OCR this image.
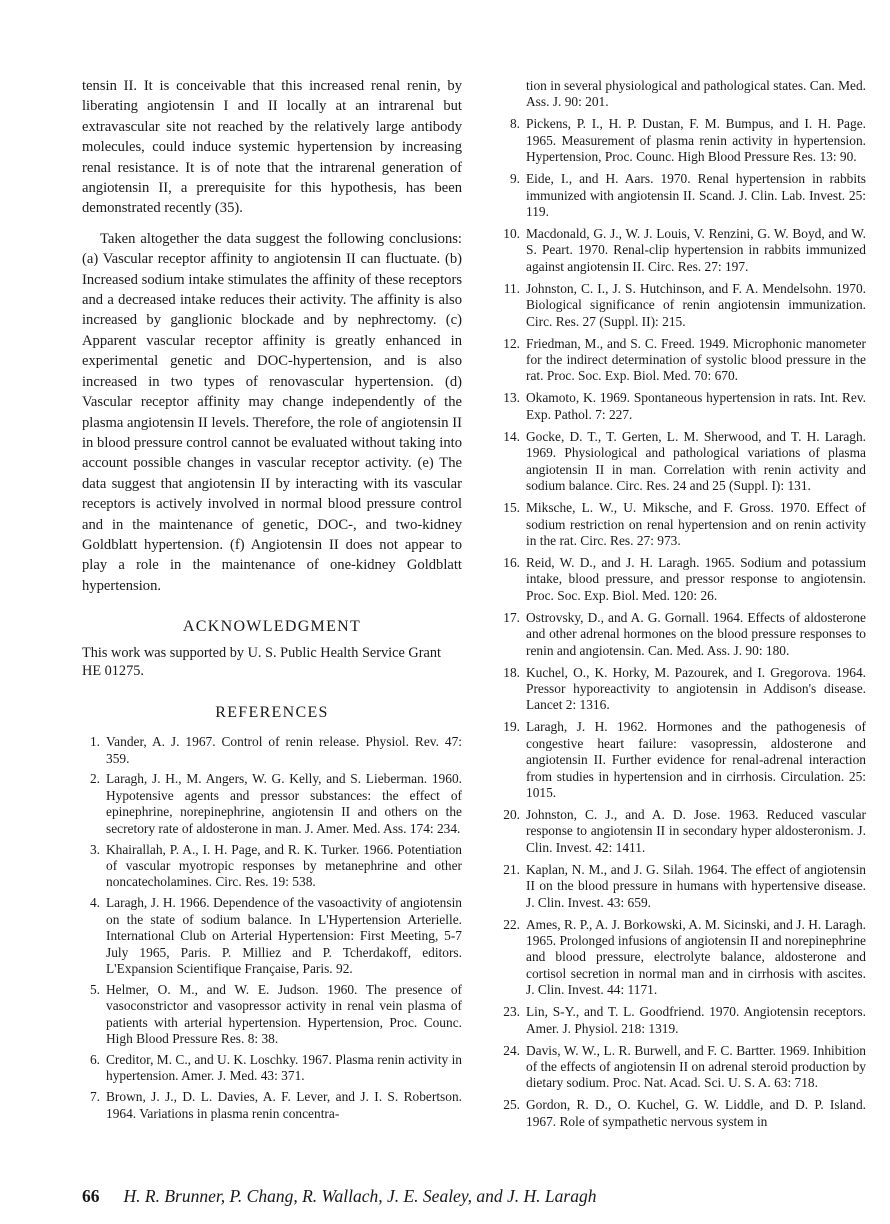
tensin II. It is conceivable that this increased renal renin, by liberating angiotensin I and II locally at an intrarenal but extravascular site not reached by the relatively large antibody molecules, could induce systemic hypertension by increasing renal resistance. It is of note that the intrarenal generation of angiotensin II, a prerequisite for this hypothesis, has been demonstrated recently (35).

Taken altogether the data suggest the following conclusions: (a) Vascular receptor affinity to angiotensin II can fluctuate. (b) Increased sodium intake stimulates the affinity of these receptors and a decreased intake reduces their activity. The affinity is also increased by ganglionic blockade and by nephrectomy. (c) Apparent vascular receptor affinity is greatly enhanced in experimental genetic and DOC-hypertension, and is also increased in two types of renovascular hypertension. (d) Vascular receptor affinity may change independently of the plasma angiotensin II levels. Therefore, the role of angiotensin II in blood pressure control cannot be evaluated without taking into account possible changes in vascular receptor activity. (e) The data suggest that angiotensin II by interacting with its vascular receptors is actively involved in normal blood pressure control and in the maintenance of genetic, DOC-, and two-kidney Goldblatt hypertension. (f) Angiotensin II does not appear to play a role in the maintenance of one-kidney Goldblatt hypertension.

ACKNOWLEDGMENT

This work was supported by U. S. Public Health Service Grant HE 01275.

REFERENCES
1. Vander, A. J. 1967. Control of renin release. Physiol. Rev. 47: 359.
2. Laragh, J. H., M. Angers, W. G. Kelly, and S. Lieberman. 1960. Hypotensive agents and pressor substances: the effect of epinephrine, norepinephrine, angiotensin II and others on the secretory rate of aldosterone in man. J. Amer. Med. Ass. 174: 234.
3. Khairallah, P. A., I. H. Page, and R. K. Turker. 1966. Potentiation of vascular myotropic responses by metanephrine and other noncatecholamines. Circ. Res. 19: 538.
4. Laragh, J. H. 1966. Dependence of the vasoactivity of angiotensin on the state of sodium balance. In L'Hypertension Arterielle. International Club on Arterial Hypertension: First Meeting, 5-7 July 1965, Paris. P. Milliez and P. Tcherdakoff, editors. L'Expansion Scientifique Française, Paris. 92.
5. Helmer, O. M., and W. E. Judson. 1960. The presence of vasoconstrictor and vasopressor activity in renal vein plasma of patients with arterial hypertension. Hypertension, Proc. Counc. High Blood Pressure Res. 8: 38.
6. Creditor, M. C., and U. K. Loschky. 1967. Plasma renin activity in hypertension. Amer. J. Med. 43: 371.
7. Brown, J. J., D. L. Davies, A. F. Lever, and J. I. S. Robertson. 1964. Variations in plasma renin concentra-
tion in several physiological and pathological states. Can. Med. Ass. J. 90: 201.
8. Pickens, P. I., H. P. Dustan, F. M. Bumpus, and I. H. Page. 1965. Measurement of plasma renin activity in hypertension. Hypertension, Proc. Counc. High Blood Pressure Res. 13: 90.
9. Eide, I., and H. Aars. 1970. Renal hypertension in rabbits immunized with angiotensin II. Scand. J. Clin. Lab. Invest. 25: 119.
10. Macdonald, G. J., W. J. Louis, V. Renzini, G. W. Boyd, and W. S. Peart. 1970. Renal-clip hypertension in rabbits immunized against angiotensin II. Circ. Res. 27: 197.
11. Johnston, C. I., J. S. Hutchinson, and F. A. Mendelsohn. 1970. Biological significance of renin angiotensin immunization. Circ. Res. 27 (Suppl. II): 215.
12. Friedman, M., and S. C. Freed. 1949. Microphonic manometer for the indirect determination of systolic blood pressure in the rat. Proc. Soc. Exp. Biol. Med. 70: 670.
13. Okamoto, K. 1969. Spontaneous hypertension in rats. Int. Rev. Exp. Pathol. 7: 227.
14. Gocke, D. T., T. Gerten, L. M. Sherwood, and T. H. Laragh. 1969. Physiological and pathological variations of plasma angiotensin II in man. Correlation with renin activity and sodium balance. Circ. Res. 24 and 25 (Suppl. I): 131.
15. Miksche, L. W., U. Miksche, and F. Gross. 1970. Effect of sodium restriction on renal hypertension and on renin activity in the rat. Circ. Res. 27: 973.
16. Reid, W. D., and J. H. Laragh. 1965. Sodium and potassium intake, blood pressure, and pressor response to angiotensin. Proc. Soc. Exp. Biol. Med. 120: 26.
17. Ostrovsky, D., and A. G. Gornall. 1964. Effects of aldosterone and other adrenal hormones on the blood pressure responses to renin and angiotensin. Can. Med. Ass. J. 90: 180.
18. Kuchel, O., K. Horky, M. Pazourek, and I. Gregorova. 1964. Pressor hyporeactivity to angiotensin in Addison's disease. Lancet 2: 1316.
19. Laragh, J. H. 1962. Hormones and the pathogenesis of congestive heart failure: vasopressin, aldosterone and angiotensin II. Further evidence for renal-adrenal interaction from studies in hypertension and in cirrhosis. Circulation. 25: 1015.
20. Johnston, C. J., and A. D. Jose. 1963. Reduced vascular response to angiotensin II in secondary hyper aldosteronism. J. Clin. Invest. 42: 1411.
21. Kaplan, N. M., and J. G. Silah. 1964. The effect of angiotensin II on the blood pressure in humans with hypertensive disease. J. Clin. Invest. 43: 659.
22. Ames, R. P., A. J. Borkowski, A. M. Sicinski, and J. H. Laragh. 1965. Prolonged infusions of angiotensin II and norepinephrine and blood pressure, electrolyte balance, aldosterone and cortisol secretion in normal man and in cirrhosis with ascites. J. Clin. Invest. 44: 1171.
23. Lin, S-Y., and T. L. Goodfriend. 1970. Angiotensin receptors. Amer. J. Physiol. 218: 1319.
24. Davis, W. W., L. R. Burwell, and F. C. Bartter. 1969. Inhibition of the effects of angiotensin II on adrenal steroid production by dietary sodium. Proc. Nat. Acad. Sci. U. S. A. 63: 718.
25. Gordon, R. D., O. Kuchel, G. W. Liddle, and D. P. Island. 1967. Role of sympathetic nervous system in
66 H. R. Brunner, P. Chang, R. Wallach, J. E. Sealey, and J. H. Laragh
